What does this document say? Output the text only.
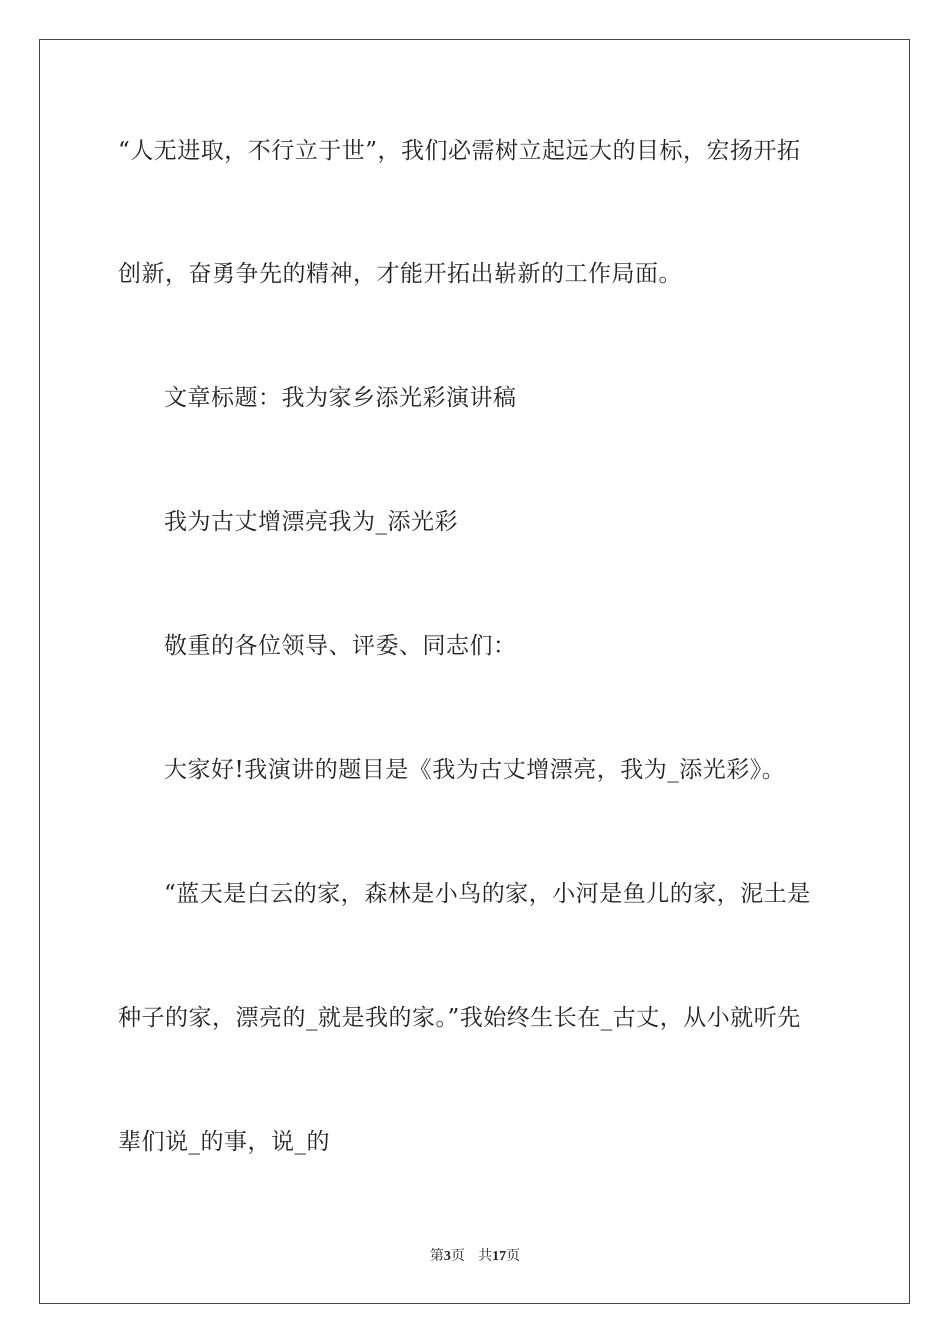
“人无进取，不行立于世”，我们必需树立起远大的目标，宏扬开拓
创新，奋勇争先的精神，才能开拓出崭新的工作局面。
文章标题：我为家乡添光彩演讲稿
我为古丈增漂亮我为_添光彩
敬重的各位领导、评委、同志们：
大家好!我演讲的题目是《我为古丈增漂亮，我为_添光彩》。
“蓝天是白云的家，森林是小鸟的家，小河是鱼儿的家，泥土是
种子的家，漂亮的_就是我的家。”我始终生长在_古丈，从小就听先
辈们说_的事，说_的
第3页 共17页
